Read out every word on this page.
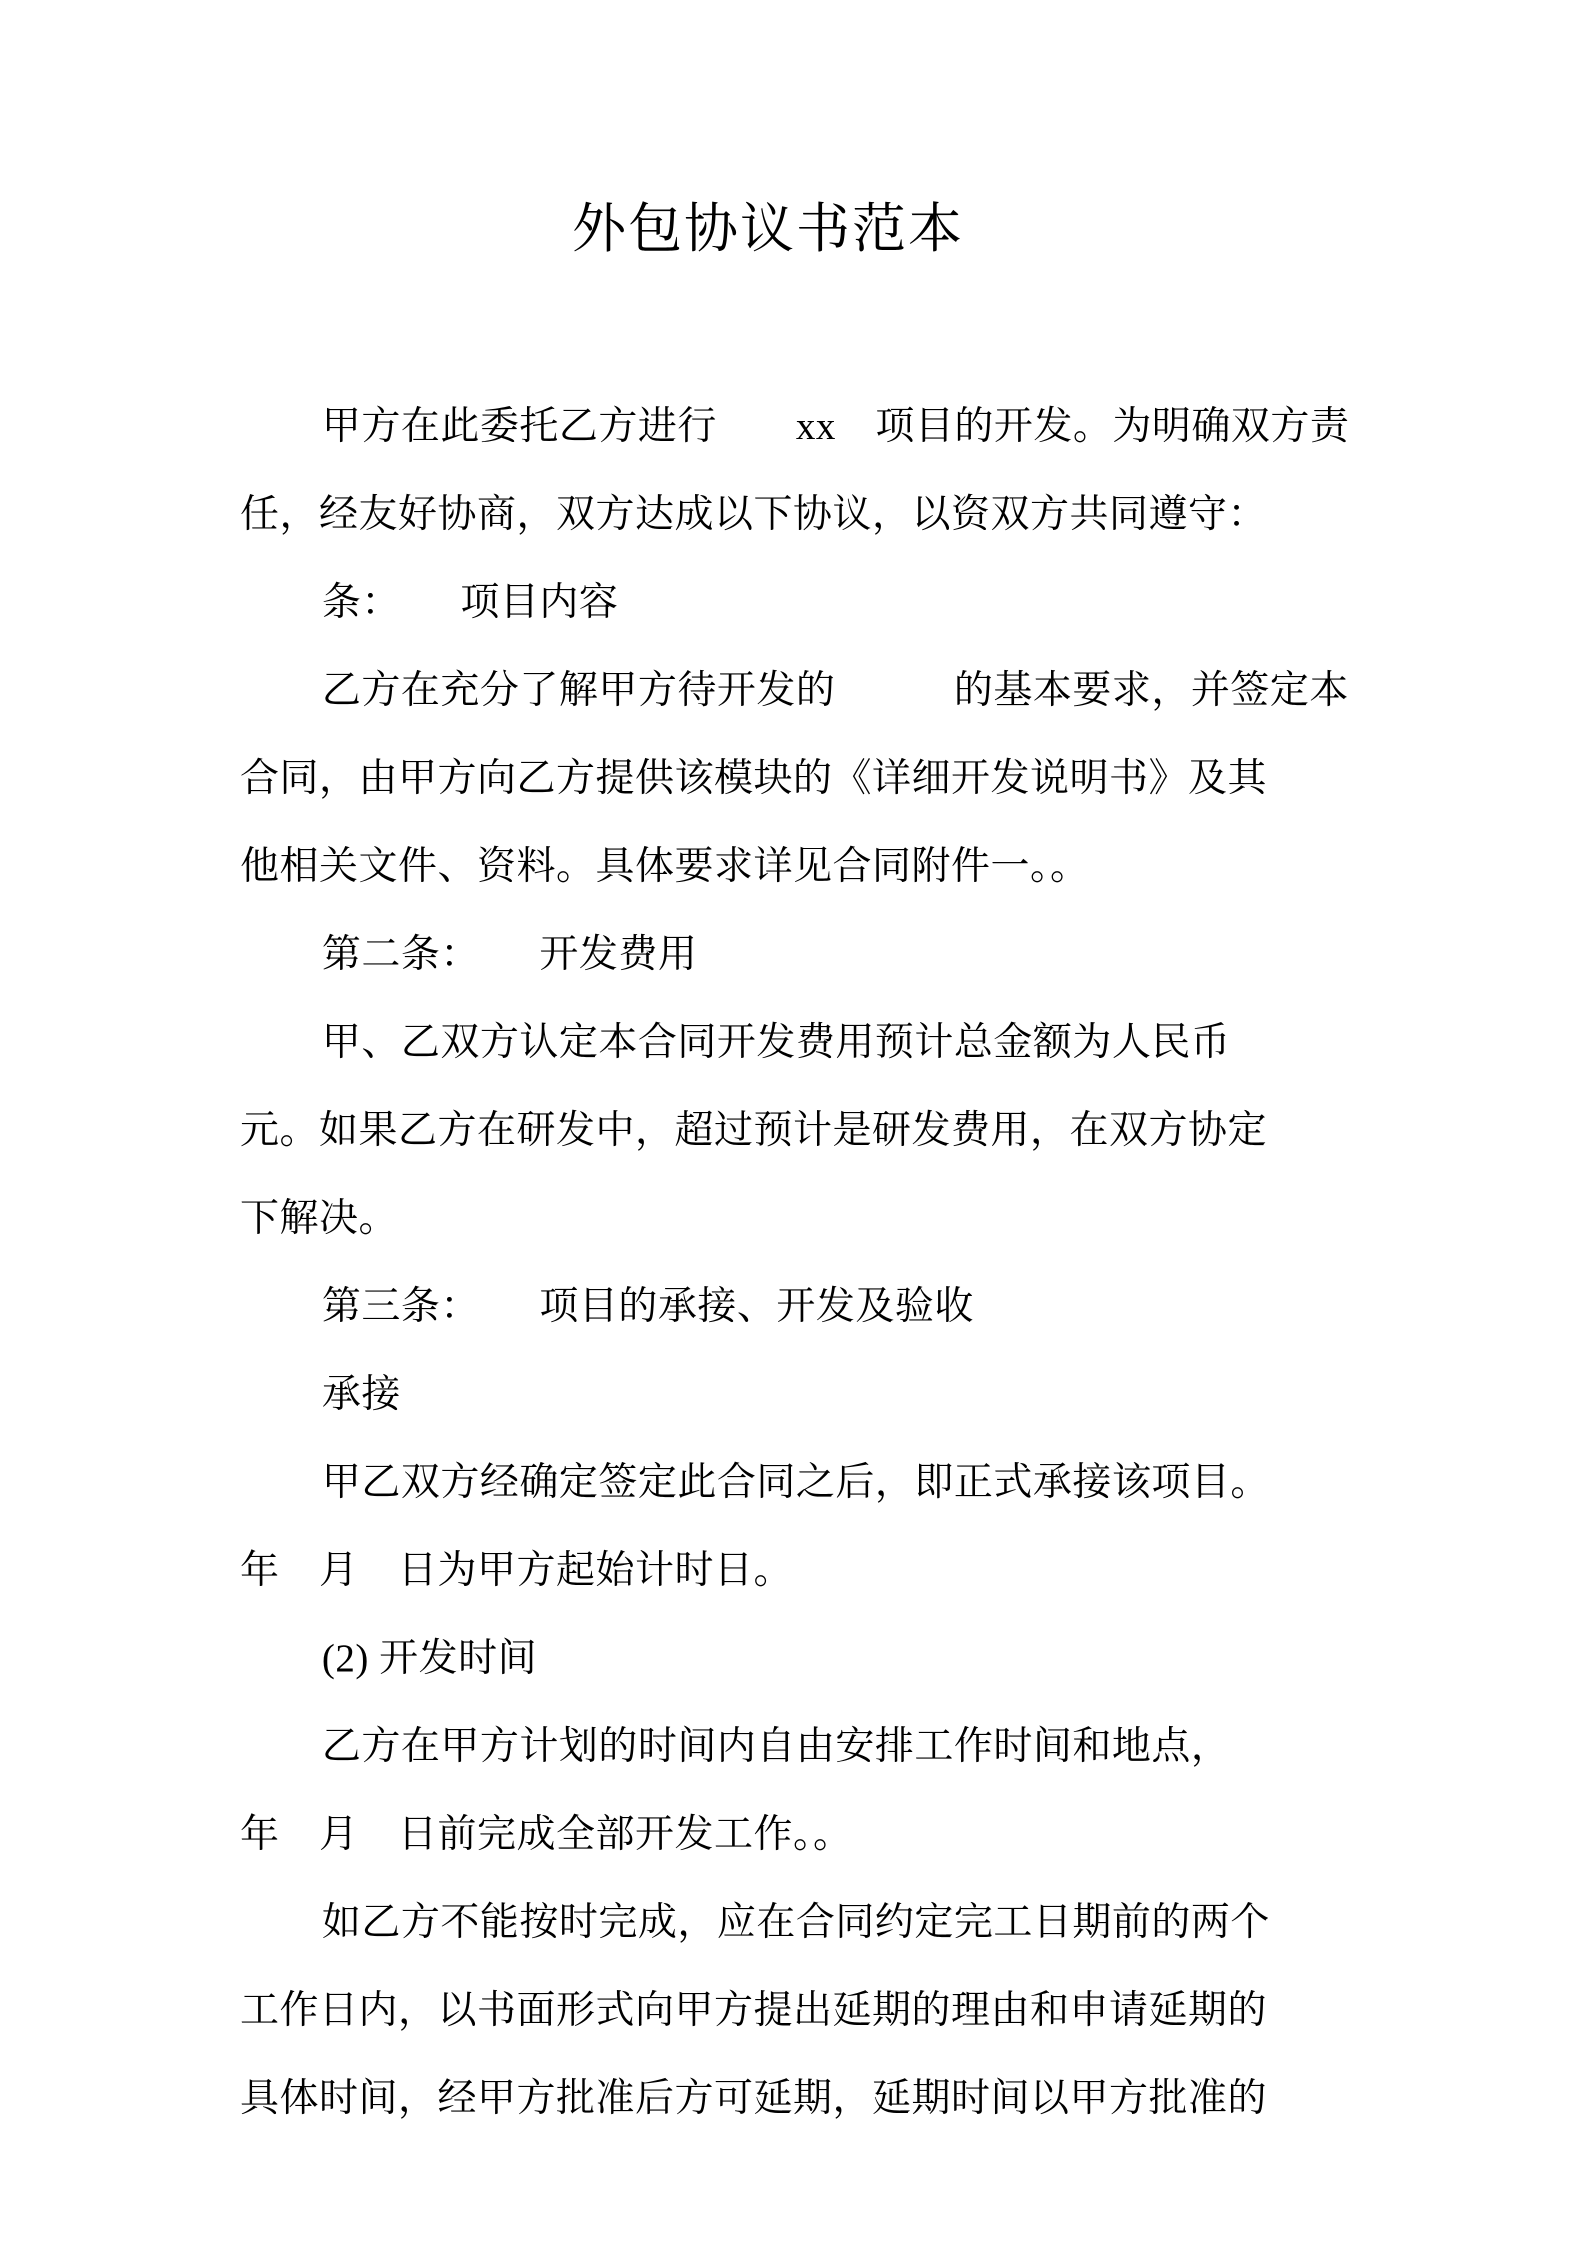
外包协议书范本
甲方在此委托乙方进行　　xx　项目的开发。为明确双方责
任，经友好协商，双方达成以下协议，以资双方共同遵守：
条：　　项目内容
乙方在充分了解甲方待开发的　　　的基本要求，并签定本
合同，由甲方向乙方提供该模块的《详细开发说明书》及其
他相关文件、资料。具体要求详见合同附件一。。
第二条：　　开发费用
甲、乙双方认定本合同开发费用预计总金额为人民币
元。如果乙方在研发中，超过预计是研发费用，在双方协定
下解决。
第三条：　　项目的承接、开发及验收
承接
甲乙双方经确定签定此合同之后，即正式承接该项目。
年　月　日为甲方起始计时日。
(2) 开发时间
乙方在甲方计划的时间内自由安排工作时间和地点，
年　月　日前完成全部开发工作。。
如乙方不能按时完成，应在合同约定完工日期前的两个
工作日内，以书面形式向甲方提出延期的理由和申请延期的
具体时间，经甲方批准后方可延期，延期时间以甲方批准的
